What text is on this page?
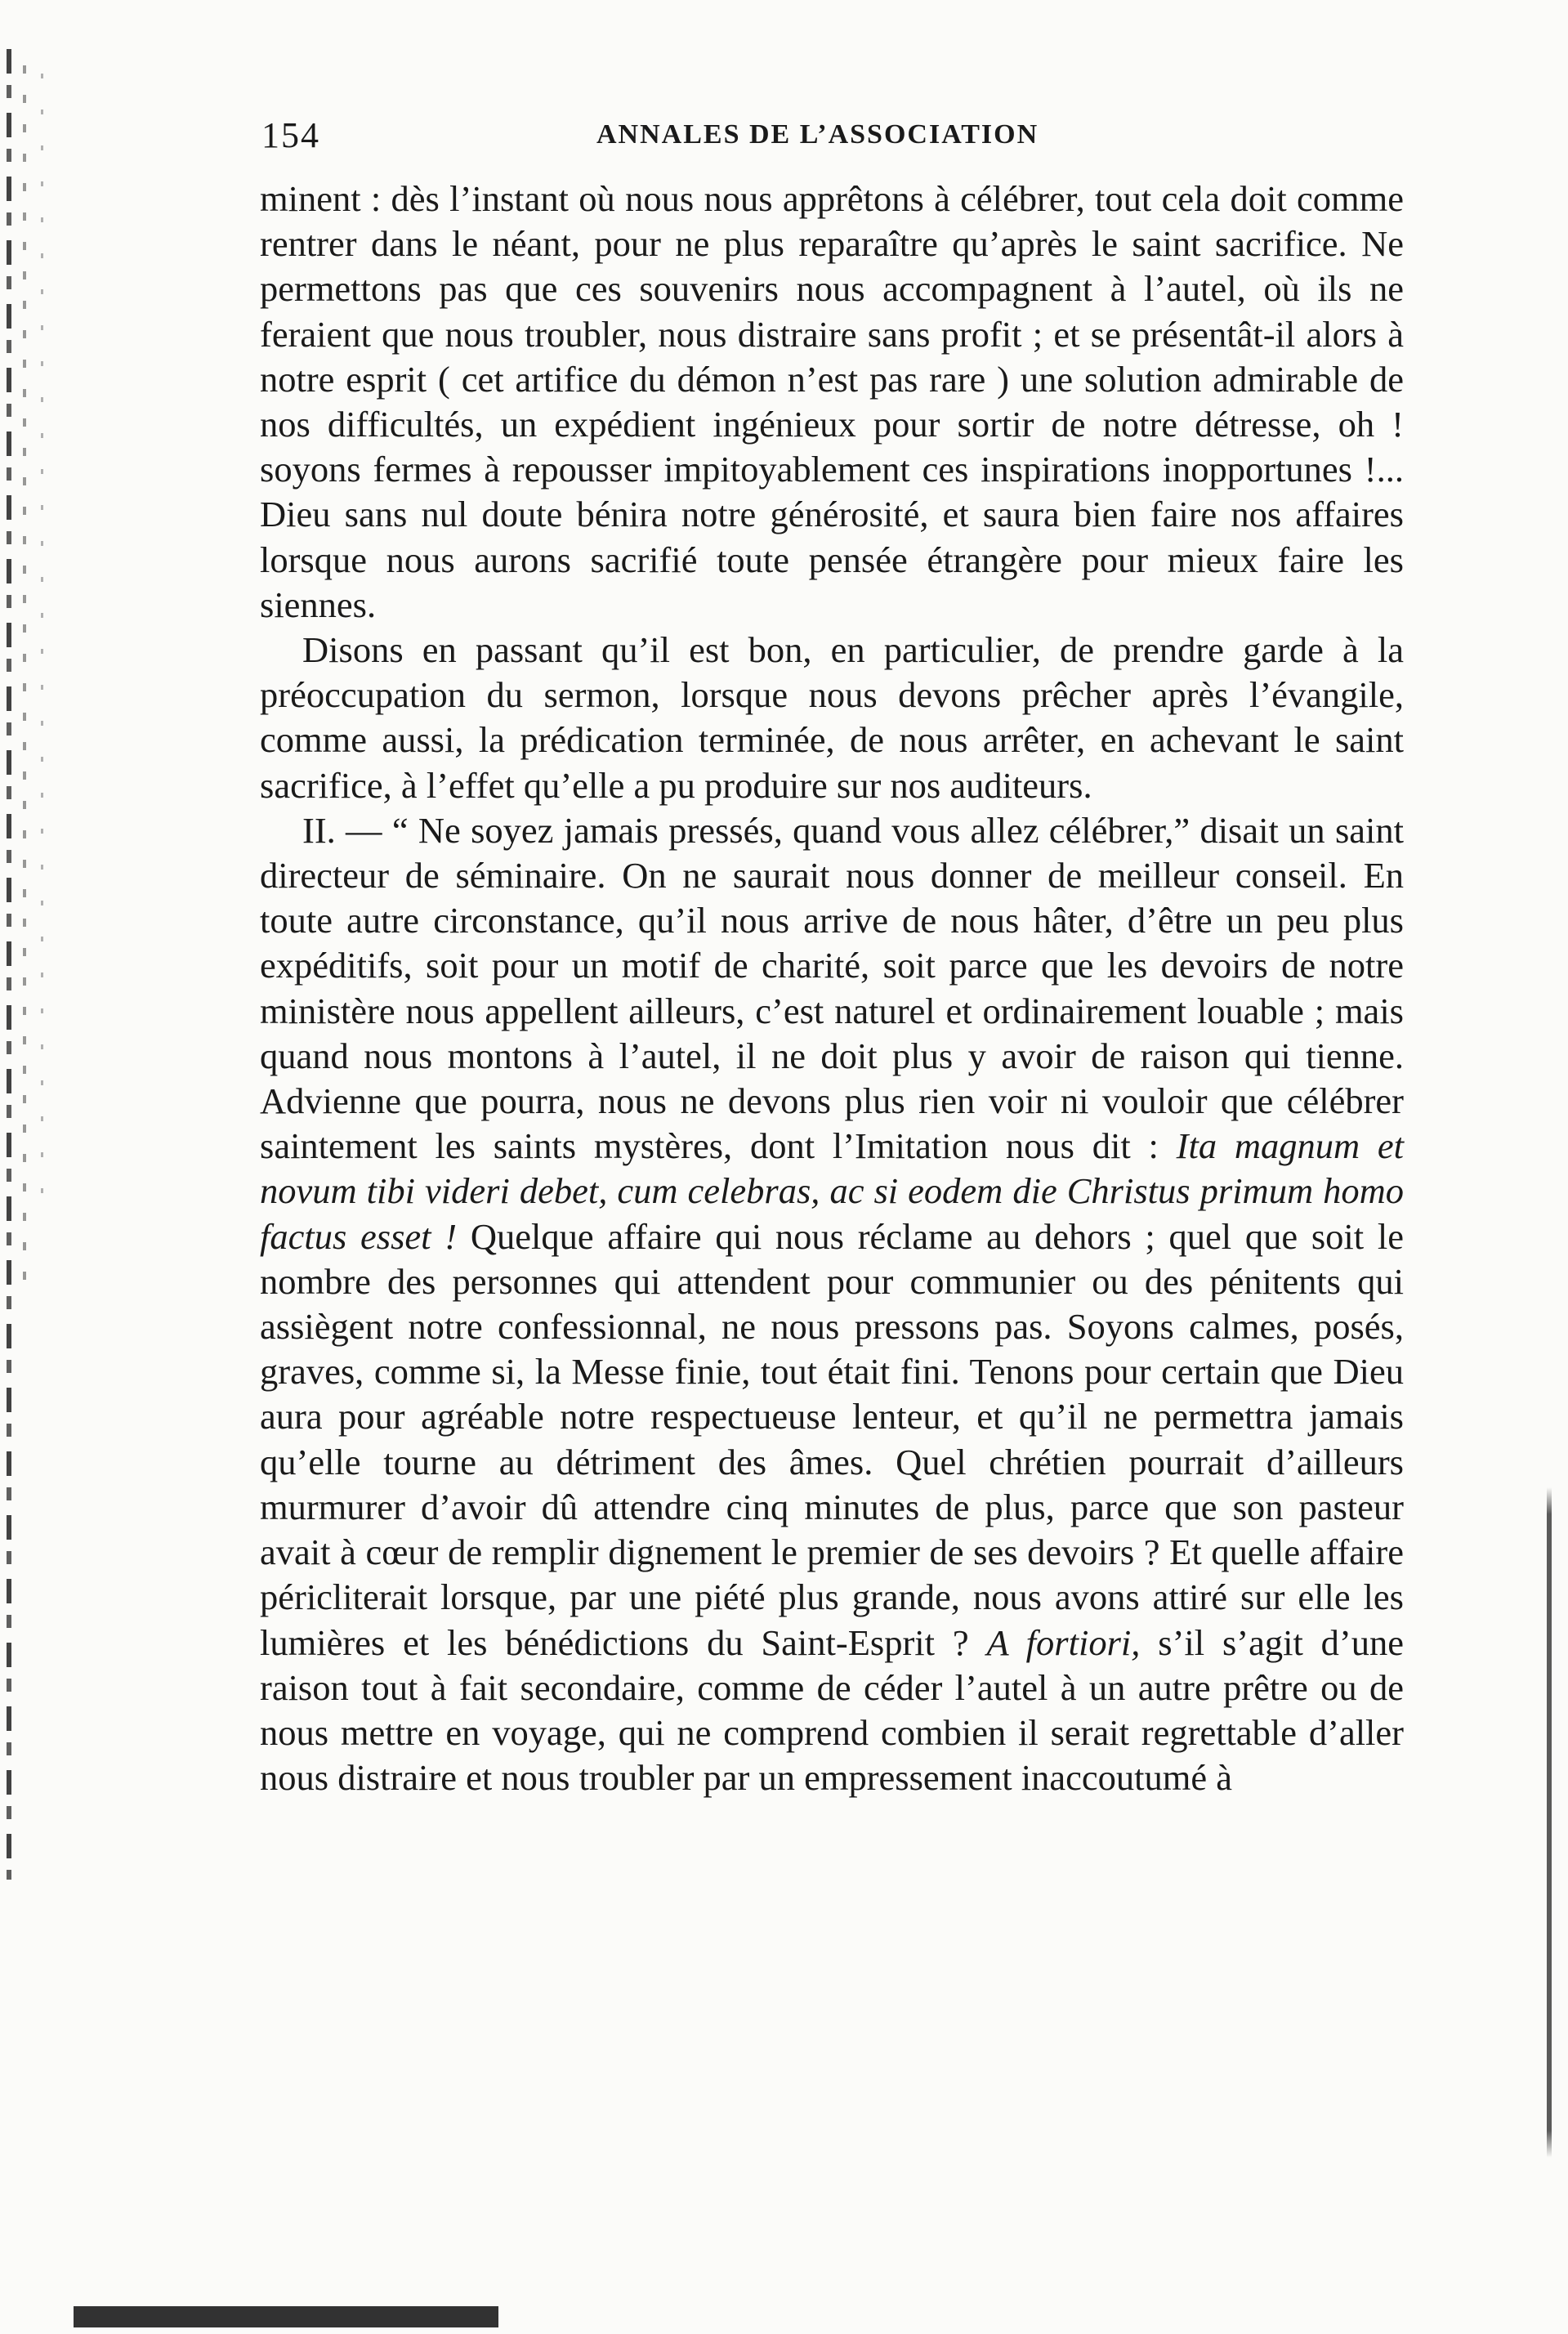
154	ANNALES DE L’ASSOCIATION

minent : dès l’instant où nous nous apprêtons à célébrer, tout cela doit comme rentrer dans le néant, pour ne plus reparaître qu’après le saint sacrifice. Ne permettons pas que ces souvenirs nous accompagnent à l’autel, où ils ne feraient que nous troubler, nous distraire sans profit ; et se présentât-il alors à notre esprit ( cet artifice du démon n’est pas rare ) une solution admirable de nos difficultés, un expédient ingénieux pour sortir de notre détresse, oh ! soyons fermes à repousser impitoyablement ces inspirations inopportunes !... Dieu sans nul doute bénira notre générosité, et saura bien faire nos affaires lorsque nous aurons sacrifié toute pensée étrangère pour mieux faire les siennes.

Disons en passant qu’il est bon, en particulier, de prendre garde à la préoccupation du sermon, lorsque nous devons prêcher après l’évangile, comme aussi, la prédication terminée, de nous arrêter, en achevant le saint sacrifice, à l’effet qu’elle a pu produire sur nos auditeurs.

II. — “ Ne soyez jamais pressés, quand vous allez célébrer,” disait un saint directeur de séminaire. On ne saurait nous donner de meilleur conseil. En toute autre circonstance, qu’il nous arrive de nous hâter, d’être un peu plus expéditifs, soit pour un motif de charité, soit parce que les devoirs de notre ministère nous appellent ailleurs, c’est naturel et ordinairement louable ; mais quand nous montons à l’autel, il ne doit plus y avoir de raison qui tienne. Advienne que pourra, nous ne devons plus rien voir ni vouloir que célébrer saintement les saints mystères, dont l’Imitation nous dit : Ita magnum et novum tibi videri debet, cum celebras, ac si eodem die Christus primum homo factus esset ! Quelque affaire qui nous réclame au dehors ; quel que soit le nombre des personnes qui attendent pour communier ou des pénitents qui assiègent notre confessionnal, ne nous pressons pas. Soyons calmes, posés, graves, comme si, la Messe finie, tout était fini. Tenons pour certain que Dieu aura pour agréable notre respectueuse lenteur, et qu’il ne permettra jamais qu’elle tourne au détriment des âmes. Quel chrétien pourrait d’ailleurs murmurer d’avoir dû attendre cinq minutes de plus, parce que son pasteur avait à cœur de remplir dignement le premier de ses devoirs ? Et quelle affaire péricliterait lorsque, par une piété plus grande, nous avons attiré sur elle les lumières et les bénédictions du Saint-Esprit ? A fortiori, s’il s’agit d’une raison tout à fait secondaire, comme de céder l’autel à un autre prêtre ou de nous mettre en voyage, qui ne comprend combien il serait regrettable d’aller nous distraire et nous troubler par un empressement inaccoutumé à
